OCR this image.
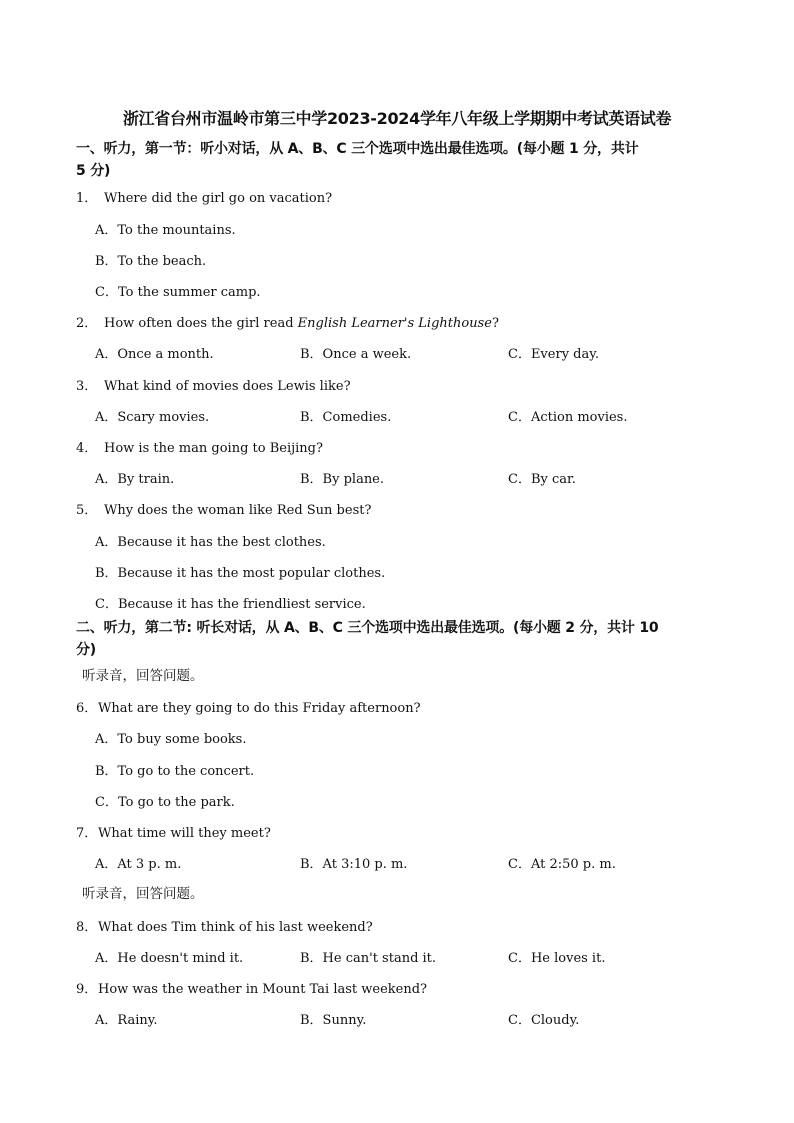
浙江省台州市温岭市第三中学2023-2024学年八年级上学期期中考试英语试卷
一、听力，第一节：听小对话，从 A、B、C 三个选项中选出最佳选项。(每小题 1 分，共计
5 分)
1． Where did the girl go on vacation?
A．To the mountains.
B．To the beach.
C．To the summer camp.
2． How often does the girl read English Learner's Lighthouse?
A．Once a month.	B．Once a week.	C．Every day.
3． What kind of movies does Lewis like?
A．Scary movies.	B．Comedies.	C．Action movies.
4． How is the man going to Beijing?
A．By train.	B．By plane.	C．By car.
5． Why does the woman like Red Sun best?
A．Because it has the best clothes.
B．Because it has the most popular clothes.
C．Because it has the friendliest service.
二、听力，第二节: 听长对话，从 A、B、C 三个选项中选出最佳选项。(每小题 2 分，共计 10
分)
听录音，回答问题。
6．What are they going to do this Friday afternoon?
A．To buy some books.
B．To go to the concert.
C．To go to the park.
7．What time will they meet?
A．At 3 p. m.	B．At 3:10 p. m.	C．At 2:50 p. m.
听录音，回答问题。
8．What does Tim think of his last weekend?
A．He doesn't mind it.	B．He can't stand it.	C．He loves it.
9．How was the weather in Mount Tai last weekend?
A．Rainy.	B．Sunny.	C．Cloudy.
